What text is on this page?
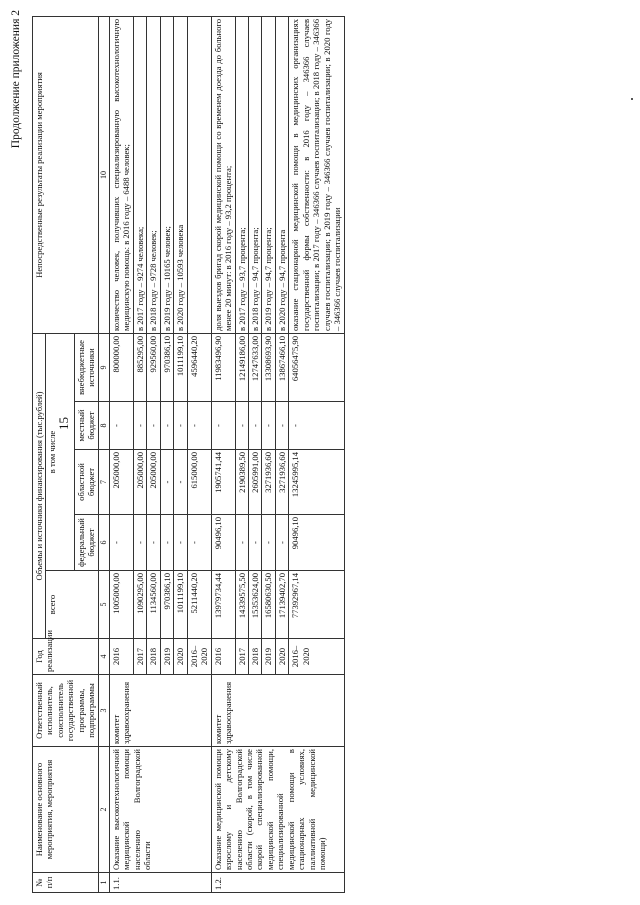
15
Продолжение приложения 2
№ п/п	Наименование основного мероприятия, мероприятия	Ответственный исполнитель, соисполнитель государственной программы, подпрограммы	Год реализации	Объемы и источники финансирования (тыс.рублей)					Непосредственные результаты реализации мероприятия
				всего	в том числе				
					федеральный бюджет	областной бюджет	местный бюджет	внебюджетные источники	
1	2	3	4	5	6	7	8	9	10
1.1.	Оказание высокотехнологичной медицинской помощи населению Волгоградской области	комитет здравоохранения	2016	1005000,00	-	205000,00	-	800000,00	количество человек, получивших специализированную высокотехнологичную медицинскую помощь: в 2016 году – 6488 человек;
			2017	1090295,00	-	205000,00	-	885295,00	в 2017 году – 9274 человека;
			2018	1134560,00	-	205000,00	-	929560,00	в 2018 году – 9728 человек;
			2019	970386,10	-	-	-	970386,10	в 2019 году – 10165 человек;
			2020	1011199,10	-	-	-	1011199,10	в 2020 году – 10593 человека
			2016–2020	5211440,20	-	615000,00	-	4596440,20	
1.2.	Оказание медицинской помощи взрослому и детскому населению Волгоградской области (скорой, в том числе скорой специализированной медицинской помощи, специализированной медицинской помощи в стационарных условиях, паллиативной медицинской помощи)	комитет здравоохранения	2016	13979734,44	90496,10	1905741,44	-	11983496,90	доля выездов бригад скорой медицинской помощи со временем доезда до больного менее 20 минут: в 2016 году – 93,2 процента;
			2017	14339575,50	-	2190389,50	-	12149186,00	в 2017 году – 93,7 процента;
			2018	15353624,00	-	2605991,00	-	12747633,00	в 2018 году – 94,7 процента;
			2019	16580630,50	-	3271936,60	-	13308693,90	в 2019 году – 94,7 процента;
			2020	17139402,70	-	3271936,60	-	13867466,10	в 2020 году – 94,7 процента
			2016–2020	77392967,14	90496,10	13245995,14	-	64056475,90	оказание стационарной медицинской помощи в медицинских организациях государственной формы собственности: в 2016 году – 346366 случаев госпитализации; в 2017 году – 346366 случаев госпитализации; в 2018 году – 346366 случаев госпитализации; в 2019 году – 346366 случаев госпитализации; в 2020 году – 346366 случаев госпитализации
